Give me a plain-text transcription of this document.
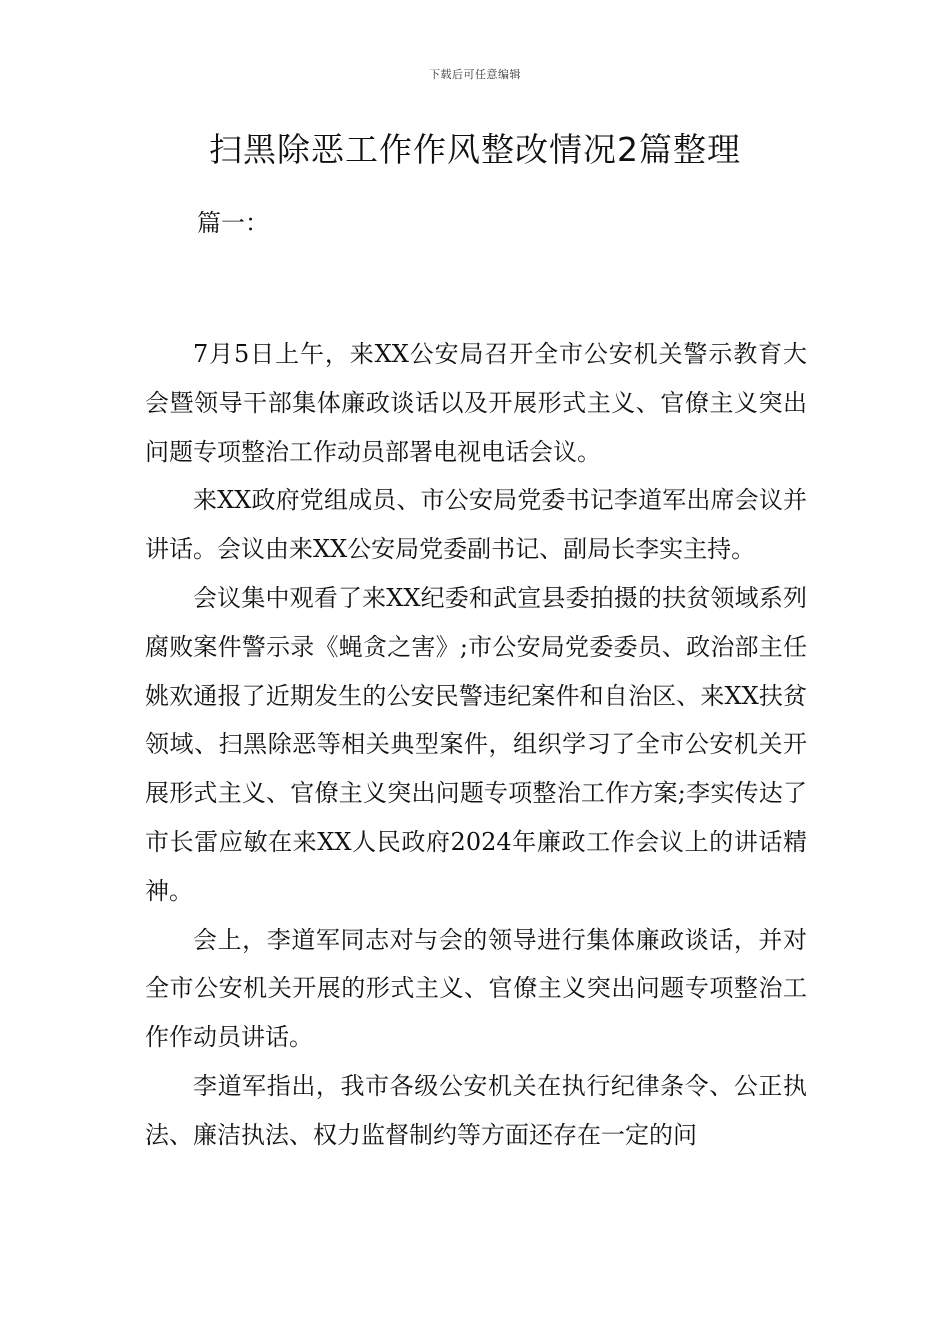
下载后可任意编辑
扫黑除恶工作作风整改情况2篇整理
篇一：

7月5日上午，来XX公安局召开全市公安机关警示教育大会暨领导干部集体廉政谈话以及开展形式主义、官僚主义突出问题专项整治工作动员部署电视电话会议。

来XX政府党组成员、市公安局党委书记李道军出席会议并讲话。会议由来XX公安局党委副书记、副局长李实主持。

会议集中观看了来XX纪委和武宣县委拍摄的扶贫领域系列腐败案件警示录《蝇贪之害》;市公安局党委委员、政治部主任姚欢通报了近期发生的公安民警违纪案件和自治区、来XX扶贫领域、扫黑除恶等相关典型案件，组织学习了全市公安机关开展形式主义、官僚主义突出问题专项整治工作方案;李实传达了市长雷应敏在来XX人民政府2024年廉政工作会议上的讲话精神。

会上，李道军同志对与会的领导进行集体廉政谈话，并对全市公安机关开展的形式主义、官僚主义突出问题专项整治工作作动员讲话。

李道军指出，我市各级公安机关在执行纪律条令、公正执法、廉洁执法、权力监督制约等方面还存在一定的问
